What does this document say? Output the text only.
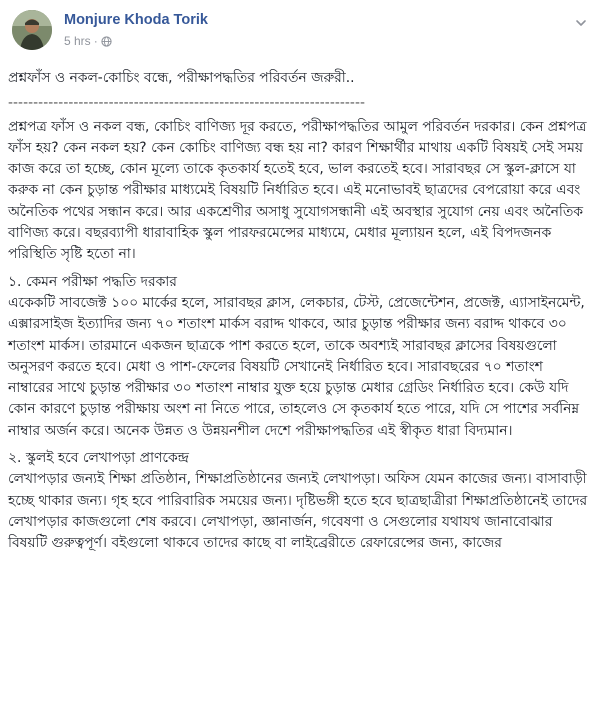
Monjure Khoda Torik
5 hrs ·

প্রশ্নফাঁস ও নকল-কোচিং বন্ধে, পরীক্ষাপদ্ধতির পরিবর্তন জরুরী..

-----------------------------------------------------------------------

প্রশ্নপত্র ফাঁস ও নকল বন্ধ, কোচিং বাণিজ্য দূর করতে, পরীক্ষাপদ্ধতির আমুল পরিবর্তন দরকার। কেন প্রশ্নপত্র ফাঁস হয়? কেন নকল হয়? কেন কোচিং বাণিজ্য বন্ধ হয় না? কারণ শিক্ষার্থীর মাথায় একটি বিষয়ই সেই সময় কাজ করে তা হচ্ছে, কোন মূল্যে তাকে কৃতকার্য হতেই হবে, ভাল করতেই হবে। সারাবছর সে স্কুল-ক্লাসে যা করুক না কেন চুড়ান্ত পরীক্ষার মাধ্যমেই বিষয়টি নির্ধারিত হবে। এই মনোভাবই ছাত্রদের বেপরোয়া করে এবং অনৈতিক পথের সন্ধান করে। আর একশ্রেণীর অসাধু সুযোগসন্ধানী এই অবস্থার সুযোগ নেয় এবং অনৈতিক বাণিজ্য করে। বছরব্যাপী ধারাবাহিক স্কুল পারফরমেন্সের মাধ্যমে, মেধার মূল্যায়ন হলে, এই বিপদজনক পরিস্থিতি সৃষ্টি হতো না।

১. কেমন পরীক্ষা পদ্ধতি দরকার

একেকটি সাবজেক্ট ১০০ মার্কের হলে, সারাবছর ক্লাস, লেকচার, টেস্ট, প্রেজেন্টেশন, প্রজেক্ট, এ্যাসাইনমেন্ট, এক্সারসাইজ ইত্যাদির জন্য ৭০ শতাংশ মার্কস বরাদ্দ থাকবে, আর চুড়ান্ত পরীক্ষার জন্য বরাদ্দ থাকবে ৩০ শতাংশ মার্কস। তারমানে একজন ছাত্রকে পাশ করতে হলে, তাকে অবশ্যই সারাবছর ক্লাসের বিষয়গুলো অনুসরণ করতে হবে। মেধা ও পাশ-ফেলের বিষয়টি সেখানেই নির্ধারিত হবে। সারাবছরের ৭০ শতাংশ নাম্বারের সাথে চুড়ান্ত পরীক্ষার ৩০ শতাংশ নাম্বার যুক্ত হয়ে চুড়ান্ত মেধার গ্রেডিং নির্ধারিত হবে। কেউ যদি কোন কারণে চুড়ান্ত পরীক্ষায় অংশ না নিতে পারে, তাহলেও সে কৃতকার্য হতে পারে, যদি সে পাশের সর্বনিম্ন নাম্বার অর্জন করে। অনেক উন্নত ও উন্নয়নশীল দেশে পরীক্ষাপদ্ধতির এই স্বীকৃত ধারা বিদ্যমান।

২. স্কুলই হবে লেখাপড়া প্রাণকেন্দ্র

লেখাপড়ার জন্যই শিক্ষা প্রতিষ্ঠান, শিক্ষাপ্রতিষ্ঠানের জন্যই লেখাপড়া। অফিস যেমন কাজের জন্য। বাসাবাড়ী হচ্ছে থাকার জন্য। গৃহ হবে পারিবারিক সময়ের জন্য। দৃষ্টিভঙ্গী হতে হবে ছাত্রছাত্রীরা শিক্ষাপ্রতিষ্ঠানেই তাদের লেখাপড়ার কাজগুলো শেষ করবে। লেখাপড়া, জ্ঞানার্জন, গবেষণা ও সেগুলোর যথাযথ জানাবোঝার বিষয়টি গুরুত্বপূর্ণ। বইগুলো থাকবে তাদের কাছে বা লাইব্রেরীতে রেফারেন্সের জন্য, কাজের
